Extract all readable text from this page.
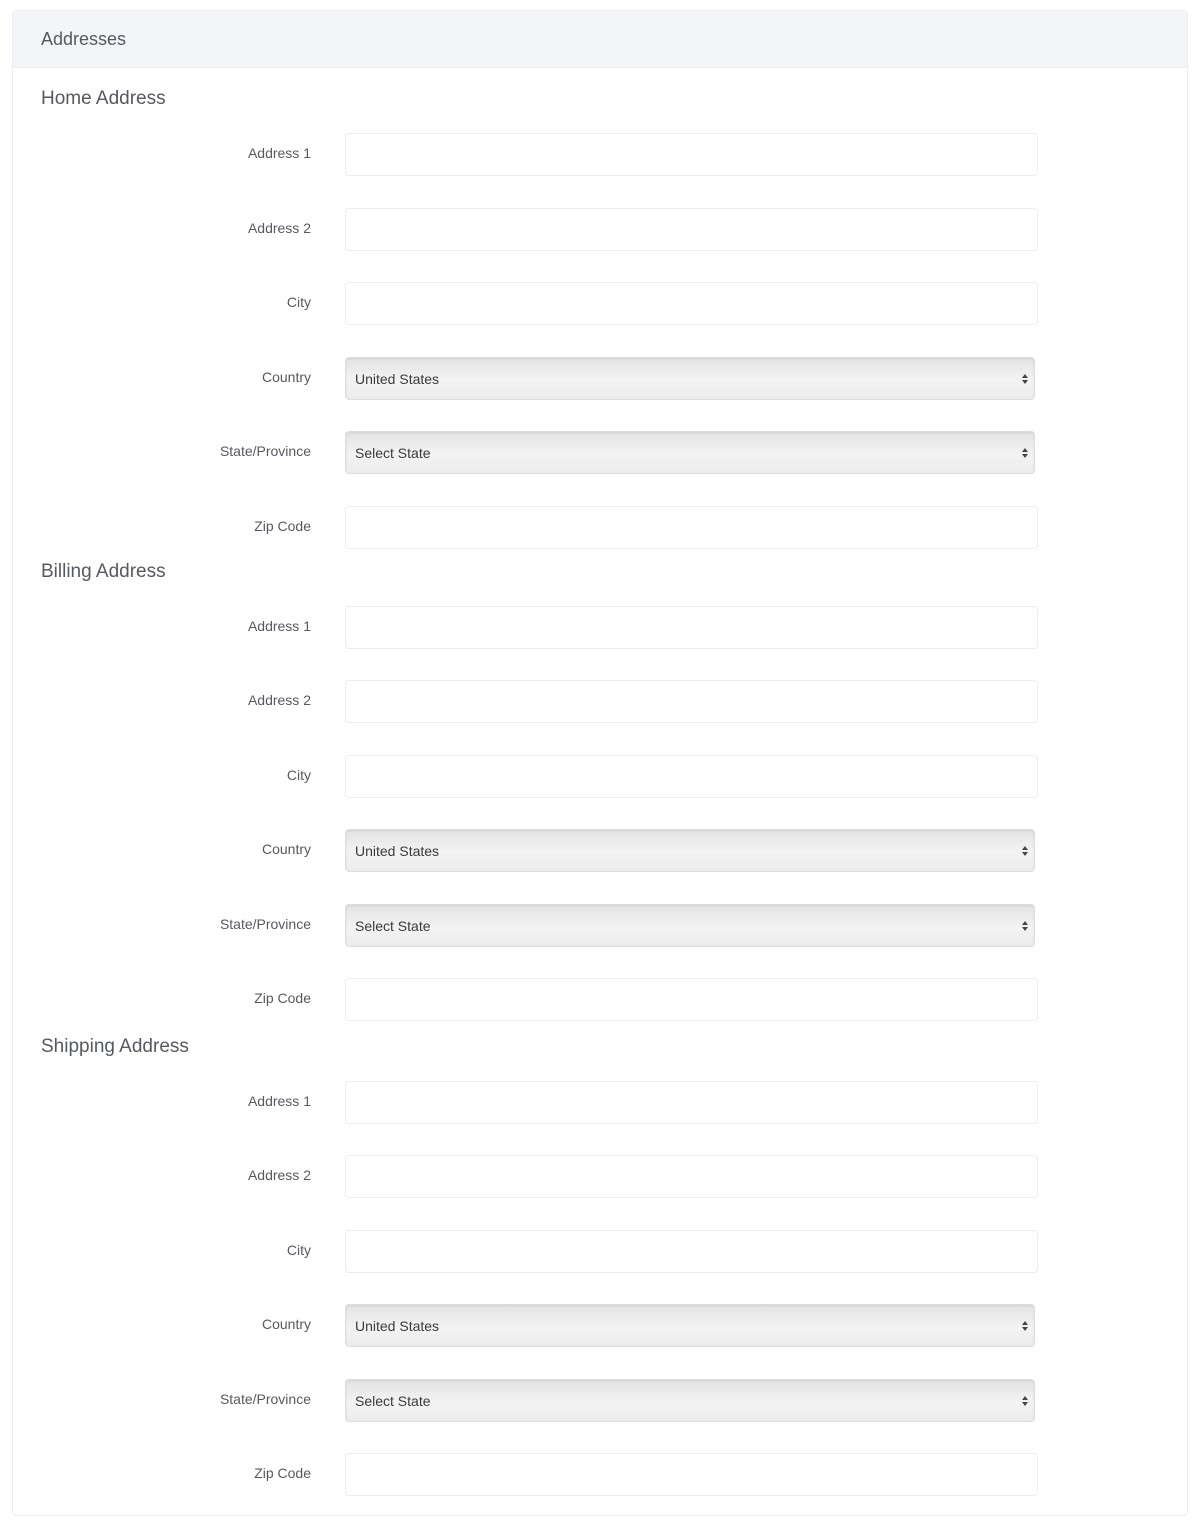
Addresses
Home Address
Address 1
Address 2
City
Country	United States
State/Province	Select State
Zip Code
Billing Address
Address 1
Address 2
City
Country	United States
State/Province	Select State
Zip Code
Shipping Address
Address 1
Address 2
City
Country	United States
State/Province	Select State
Zip Code
